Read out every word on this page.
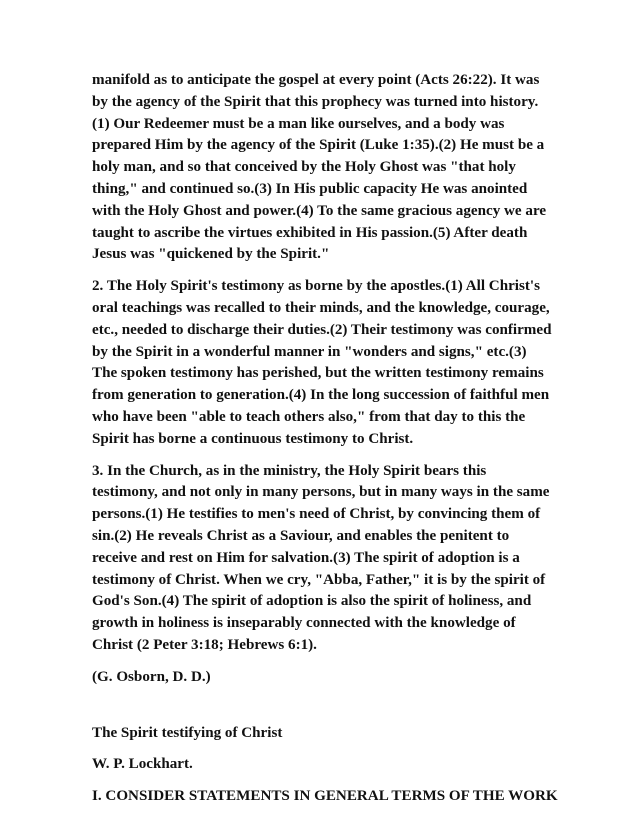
manifold as to anticipate the gospel at every point (Acts 26:22). It was by the agency of the Spirit that this prophecy was turned into history.(1) Our Redeemer must be a man like ourselves, and a body was prepared Him by the agency of the Spirit (Luke 1:35).(2) He must be a holy man, and so that conceived by the Holy Ghost was "that holy thing," and continued so.(3) In His public capacity He was anointed with the Holy Ghost and power.(4) To the same gracious agency we are taught to ascribe the virtues exhibited in His passion.(5) After death Jesus was "quickened by the Spirit."

2. The Holy Spirit's testimony as borne by the apostles.(1) All Christ's oral teachings was recalled to their minds, and the knowledge, courage, etc., needed to discharge their duties.(2) Their testimony was confirmed by the Spirit in a wonderful manner in "wonders and signs," etc.(3) The spoken testimony has perished, but the written testimony remains from generation to generation.(4) In the long succession of faithful men who have been "able to teach others also," from that day to this the Spirit has borne a continuous testimony to Christ.

3. In the Church, as in the ministry, the Holy Spirit bears this testimony, and not only in many persons, but in many ways in the same persons.(1) He testifies to men's need of Christ, by convincing them of sin.(2) He reveals Christ as a Saviour, and enables the penitent to receive and rest on Him for salvation.(3) The spirit of adoption is a testimony of Christ. When we cry, "Abba, Father," it is by the spirit of God's Son.(4) The spirit of adoption is also the spirit of holiness, and growth in holiness is inseparably connected with the knowledge of Christ (2 Peter 3:18; Hebrews 6:1).

(G. Osborn, D. D.)

The Spirit testifying of Christ

W. P. Lockhart.

I. CONSIDER STATEMENTS IN GENERAL TERMS OF THE WORK
